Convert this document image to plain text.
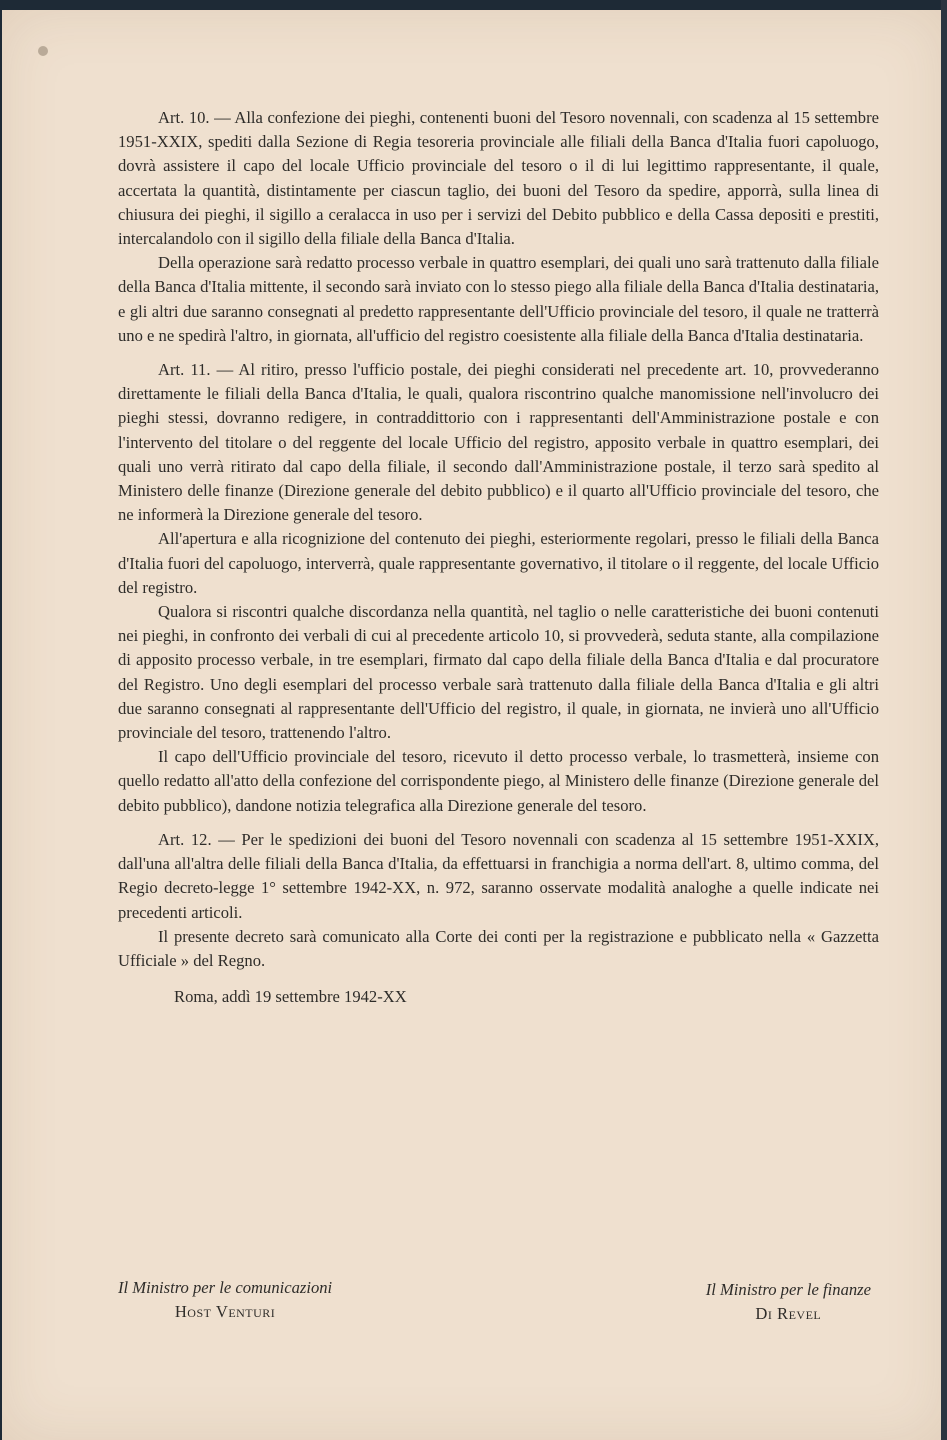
Art. 10. — Alla confezione dei pieghi, contenenti buoni del Tesoro novennali, con scadenza al 15 settembre 1951-XXIX, spediti dalla Sezione di Regia tesoreria provinciale alle filiali della Banca d'Italia fuori capoluogo, dovrà assistere il capo del locale Ufficio provinciale del tesoro o il di lui legittimo rappresentante, il quale, accertata la quantità, distintamente per ciascun taglio, dei buoni del Tesoro da spedire, apporrà, sulla linea di chiusura dei pieghi, il sigillo a ceralacca in uso per i servizi del Debito pubblico e della Cassa depositi e prestiti, intercalandolo con il sigillo della filiale della Banca d'Italia.

Della operazione sarà redatto processo verbale in quattro esemplari, dei quali uno sarà trattenuto dalla filiale della Banca d'Italia mittente, il secondo sarà inviato con lo stesso piego alla filiale della Banca d'Italia destinataria, e gli altri due saranno consegnati al predetto rappresentante dell'Ufficio provinciale del tesoro, il quale ne tratterrà uno e ne spedirà l'altro, in giornata, all'ufficio del registro coesistente alla filiale della Banca d'Italia destinataria.

Art. 11. — Al ritiro, presso l'ufficio postale, dei pieghi considerati nel precedente art. 10, provvederanno direttamente le filiali della Banca d'Italia, le quali, qualora riscontrino qualche manomissione nell'involucro dei pieghi stessi, dovranno redigere, in contraddittorio con i rappresentanti dell'Amministrazione postale e con l'intervento del titolare o del reggente del locale Ufficio del registro, apposito verbale in quattro esemplari, dei quali uno verrà ritirato dal capo della filiale, il secondo dall'Amministrazione postale, il terzo sarà spedito al Ministero delle finanze (Direzione generale del debito pubblico) e il quarto all'Ufficio provinciale del tesoro, che ne informerà la Direzione generale del tesoro.

All'apertura e alla ricognizione del contenuto dei pieghi, esteriormente regolari, presso le filiali della Banca d'Italia fuori del capoluogo, interverrà, quale rappresentante governativo, il titolare o il reggente, del locale Ufficio del registro.

Qualora si riscontri qualche discordanza nella quantità, nel taglio o nelle caratteristiche dei buoni contenuti nei pieghi, in confronto dei verbali di cui al precedente articolo 10, si provvederà, seduta stante, alla compilazione di apposito processo verbale, in tre esemplari, firmato dal capo della filiale della Banca d'Italia e dal procuratore del Registro. Uno degli esemplari del processo verbale sarà trattenuto dalla filiale della Banca d'Italia e gli altri due saranno consegnati al rappresentante dell'Ufficio del registro, il quale, in giornata, ne invierà uno all'Ufficio provinciale del tesoro, trattenendo l'altro.

Il capo dell'Ufficio provinciale del tesoro, ricevuto il detto processo verbale, lo trasmetterà, insieme con quello redatto all'atto della confezione del corrispondente piego, al Ministero delle finanze (Direzione generale del debito pubblico), dandone notizia telegrafica alla Direzione generale del tesoro.

Art. 12. — Per le spedizioni dei buoni del Tesoro novennali con scadenza al 15 settembre 1951-XXIX, dall'una all'altra delle filiali della Banca d'Italia, da effettuarsi in franchigia a norma dell'art. 8, ultimo comma, del Regio decreto-legge 1° settembre 1942-XX, n. 972, saranno osservate modalità analoghe a quelle indicate nei precedenti articoli.

Il presente decreto sarà comunicato alla Corte dei conti per la registrazione e pubblicato nella « Gazzetta Ufficiale » del Regno.

Roma, addì 19 settembre 1942-XX
Il Ministro per le comunicazioni
Host Venturi
Il Ministro per le finanze
Di Revel
